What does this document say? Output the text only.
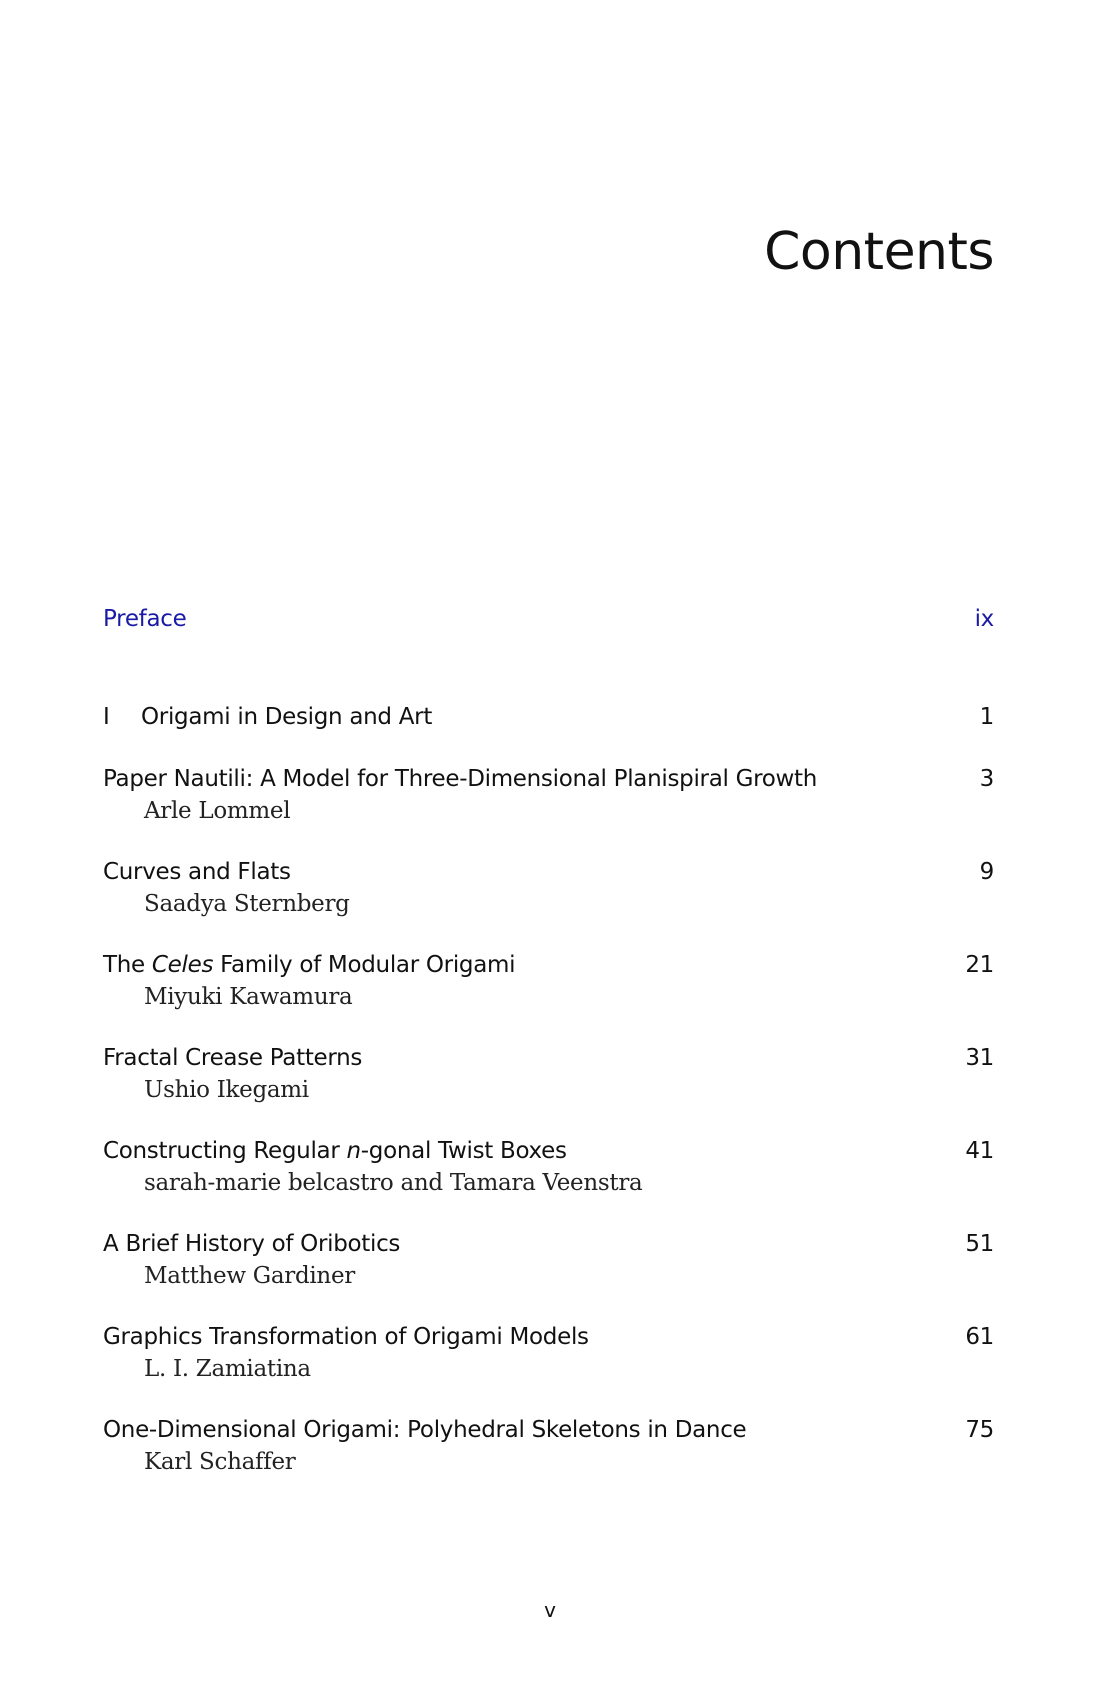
Contents
Preface	ix
I Origami in Design and Art	1
Paper Nautili: A Model for Three-Dimensional Planispiral Growth	3
Arle Lommel
Curves and Flats	9
Saadya Sternberg
The Celes Family of Modular Origami	21
Miyuki Kawamura
Fractal Crease Patterns	31
Ushio Ikegami
Constructing Regular n-gonal Twist Boxes	41
sarah-marie belcastro and Tamara Veenstra
A Brief History of Oribotics	51
Matthew Gardiner
Graphics Transformation of Origami Models	61
L. I. Zamiatina
One-Dimensional Origami: Polyhedral Skeletons in Dance	75
Karl Schaffer
v
